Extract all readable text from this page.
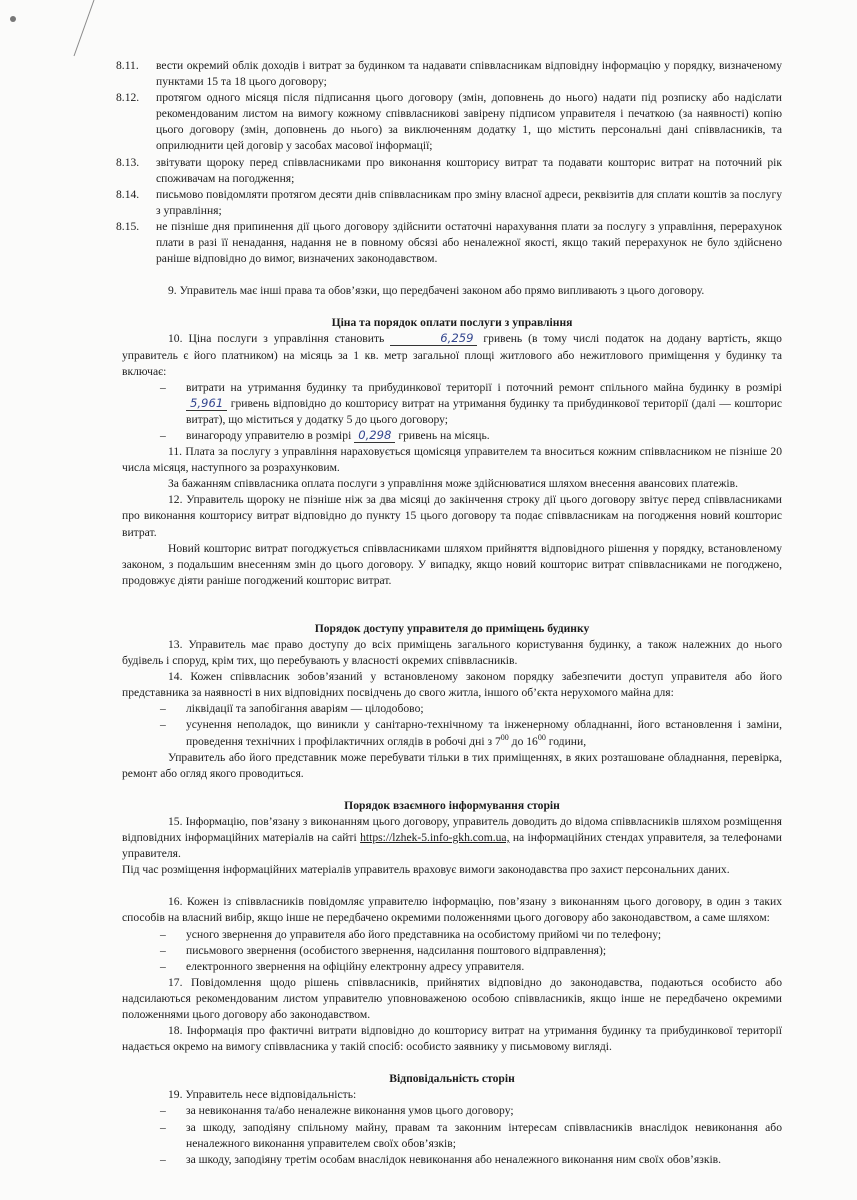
8.11. вести окремий облік доходів і витрат за будинком та надавати співвласникам відповідну інформацію у порядку, визначеному пунктами 15 та 18 цього договору;

8.12. протягом одного місяця після підписання цього договору (змін, доповнень до нього) надати під розписку або надіслати рекомендованим листом на вимогу кожному співвласникові завірену підписом управителя і печаткою (за наявності) копію цього договору (змін, доповнень до нього) за виключенням додатку 1, що містить персональні дані співвласників, та оприлюднити цей договір у засобах масової інформації;

8.13. звітувати щороку перед співвласниками про виконання кошторису витрат та подавати кошторис витрат на поточний рік споживачам на погодження;

8.14. письмово повідомляти протягом десяти днів співвласникам про зміну власної адреси, реквізитів для сплати коштів за послугу з управління;

8.15. не пізніше дня припинення дії цього договору здійснити остаточні нарахування плати за послугу з управління, перерахунок плати в разі її ненадання, надання не в повному обсязі або неналежної якості, якщо такий перерахунок не було здійснено раніше відповідно до вимог, визначених законодавством.

9. Управитель має інші права та обов’язки, що передбачені законом або прямо випливають з цього договору.

Ціна та порядок оплати послуги з управління

10. Ціна послуги з управління становить	6,259 гривень (в тому числі податок на додану вартість, якщо управитель є його платником) на місяць за 1 кв. метр загальної площі житлового або нежитлового приміщення у будинку та включає:

– витрати на утримання будинку та прибудинкової території і поточний ремонт спільного майна будинку в розмірі 5,961 гривень відповідно до кошторису витрат на утримання будинку та прибудинкової території (далі — кошторис витрат), що міститься у додатку 5 до цього договору;

– винагороду управителю в розмірі 0,298 гривень на місяць.

11. Плата за послугу з управління нараховується щомісяця управителем та вноситься кожним співвласником не пізніше 20 числа місяця, наступного за розрахунковим.

За бажанням співвласника оплата послуги з управління може здійснюватися шляхом внесення авансових платежів.

12. Управитель щороку не пізніше ніж за два місяці до закінчення строку дії цього договору звітує перед співвласниками про виконання кошторису витрат відповідно до пункту 15 цього договору та подає співвласникам на погодження новий кошторис витрат.

Новий кошторис витрат погоджується співвласниками шляхом прийняття відповідного рішення у порядку, встановленому законом, з подальшим внесенням змін до цього договору. У випадку, якщо новий кошторис витрат співвласниками не погоджено, продовжує діяти раніше погоджений кошторис витрат.

Порядок доступу управителя до приміщень будинку

13. Управитель має право доступу до всіх приміщень загального користування будинку, а також належних до нього будівель і споруд, крім тих, що перебувають у власності окремих співвласників.

14. Кожен співвласник зобов’язаний у встановленому законом порядку забезпечити доступ управителя або його представника за наявності в них відповідних посвідчень до свого житла, іншого об’єкта нерухомого майна для:

– ліквідації та запобігання аваріям — цілодобово;

– усунення неполадок, що виникли у санітарно-технічному та інженерному обладнанні, його встановлення і заміни, проведення технічних і профілактичних оглядів в робочі дні з $7^{00}$ до $16^{00}$ години,

Управитель або його представник може перебувати тільки в тих приміщеннях, в яких розташоване обладнання, перевірка, ремонт або огляд якого проводиться.

Порядок взаємного інформування сторін

15. Інформацію, пов’язану з виконанням цього договору, управитель доводить до відома співвласників шляхом розміщення відповідних інформаційних матеріалів на сайті https://lzhek-5.info-gkh.com.ua, на інформаційних стендах управителя, за телефонами управителя.

Під час розміщення інформаційних матеріалів управитель враховує вимоги законодавства про захист персональних даних.

16. Кожен із співвласників повідомляє управителю інформацію, пов’язану з виконанням цього договору, в один з таких способів на власний вибір, якщо інше не передбачено окремими положеннями цього договору або законодавством, а саме шляхом:

– усного звернення до управителя або його представника на особистому прийомі чи по телефону;

– письмового звернення (особистого звернення, надсилання поштового відправлення);

– електронного звернення на офіційну електронну адресу управителя.

17. Повідомлення щодо рішень співвласників, прийнятих відповідно до законодавства, подаються особисто або надсилаються рекомендованим листом управителю уповноваженою особою співвласників, якщо інше не передбачено окремими положеннями цього договору або законодавством.

18. Інформація про фактичні витрати відповідно до кошторису витрат на утримання будинку та прибудинкової території надається окремо на вимогу співвласника у такій спосіб: особисто заявнику у письмовому вигляді.

Відповідальність сторін

19. Управитель несе відповідальність:

– за невиконання та/або неналежне виконання умов цього договору;

– за шкоду, заподіяну спільному майну, правам та законним інтересам співвласників внаслідок невиконання або неналежного виконання управителем своїх обов’язків;

– за шкоду, заподіяну третім особам внаслідок невиконання або неналежного виконання ним своїх обов’язків.
